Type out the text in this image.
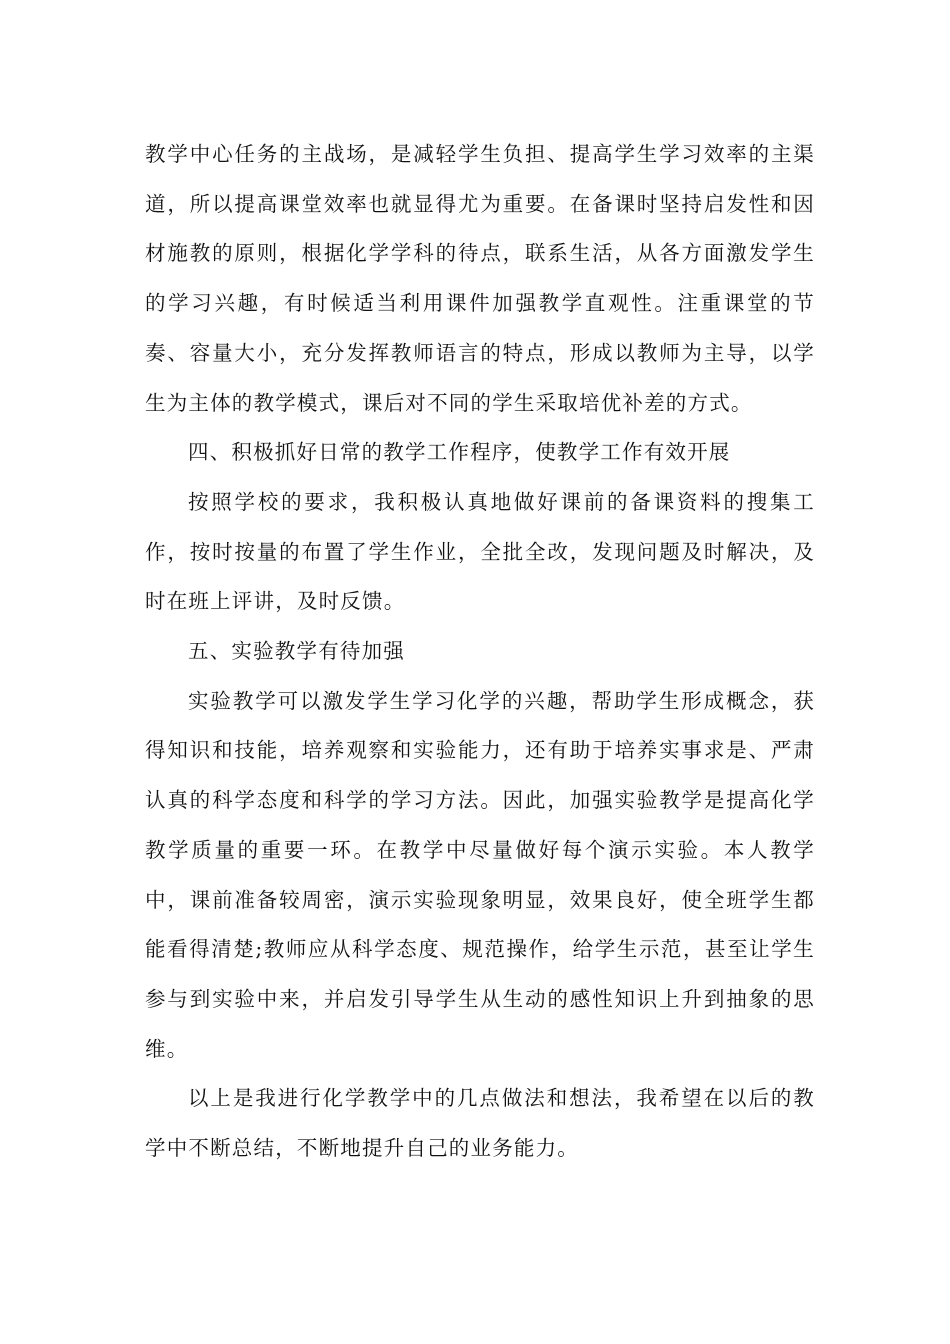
教学中心任务的主战场，是减轻学生负担、提高学生学习效率的主渠道，所以提高课堂效率也就显得尤为重要。在备课时坚持启发性和因材施教的原则，根据化学学科的待点，联系生活，从各方面激发学生的学习兴趣，有时候适当利用课件加强教学直观性。注重课堂的节奏、容量大小，充分发挥教师语言的特点，形成以教师为主导，以学生为主体的教学模式，课后对不同的学生采取培优补差的方式。

四、积极抓好日常的教学工作程序，使教学工作有效开展

按照学校的要求，我积极认真地做好课前的备课资料的搜集工作，按时按量的布置了学生作业，全批全改，发现问题及时解决，及时在班上评讲，及时反馈。

五、实验教学有待加强

实验教学可以激发学生学习化学的兴趣，帮助学生形成概念，获得知识和技能，培养观察和实验能力，还有助于培养实事求是、严肃认真的科学态度和科学的学习方法。因此，加强实验教学是提高化学教学质量的重要一环。在教学中尽量做好每个演示实验。本人教学中，课前准备较周密，演示实验现象明显，效果良好，使全班学生都能看得清楚;教师应从科学态度、规范操作，给学生示范，甚至让学生参与到实验中来，并启发引导学生从生动的感性知识上升到抽象的思维。

以上是我进行化学教学中的几点做法和想法，我希望在以后的教学中不断总结，不断地提升自己的业务能力。
